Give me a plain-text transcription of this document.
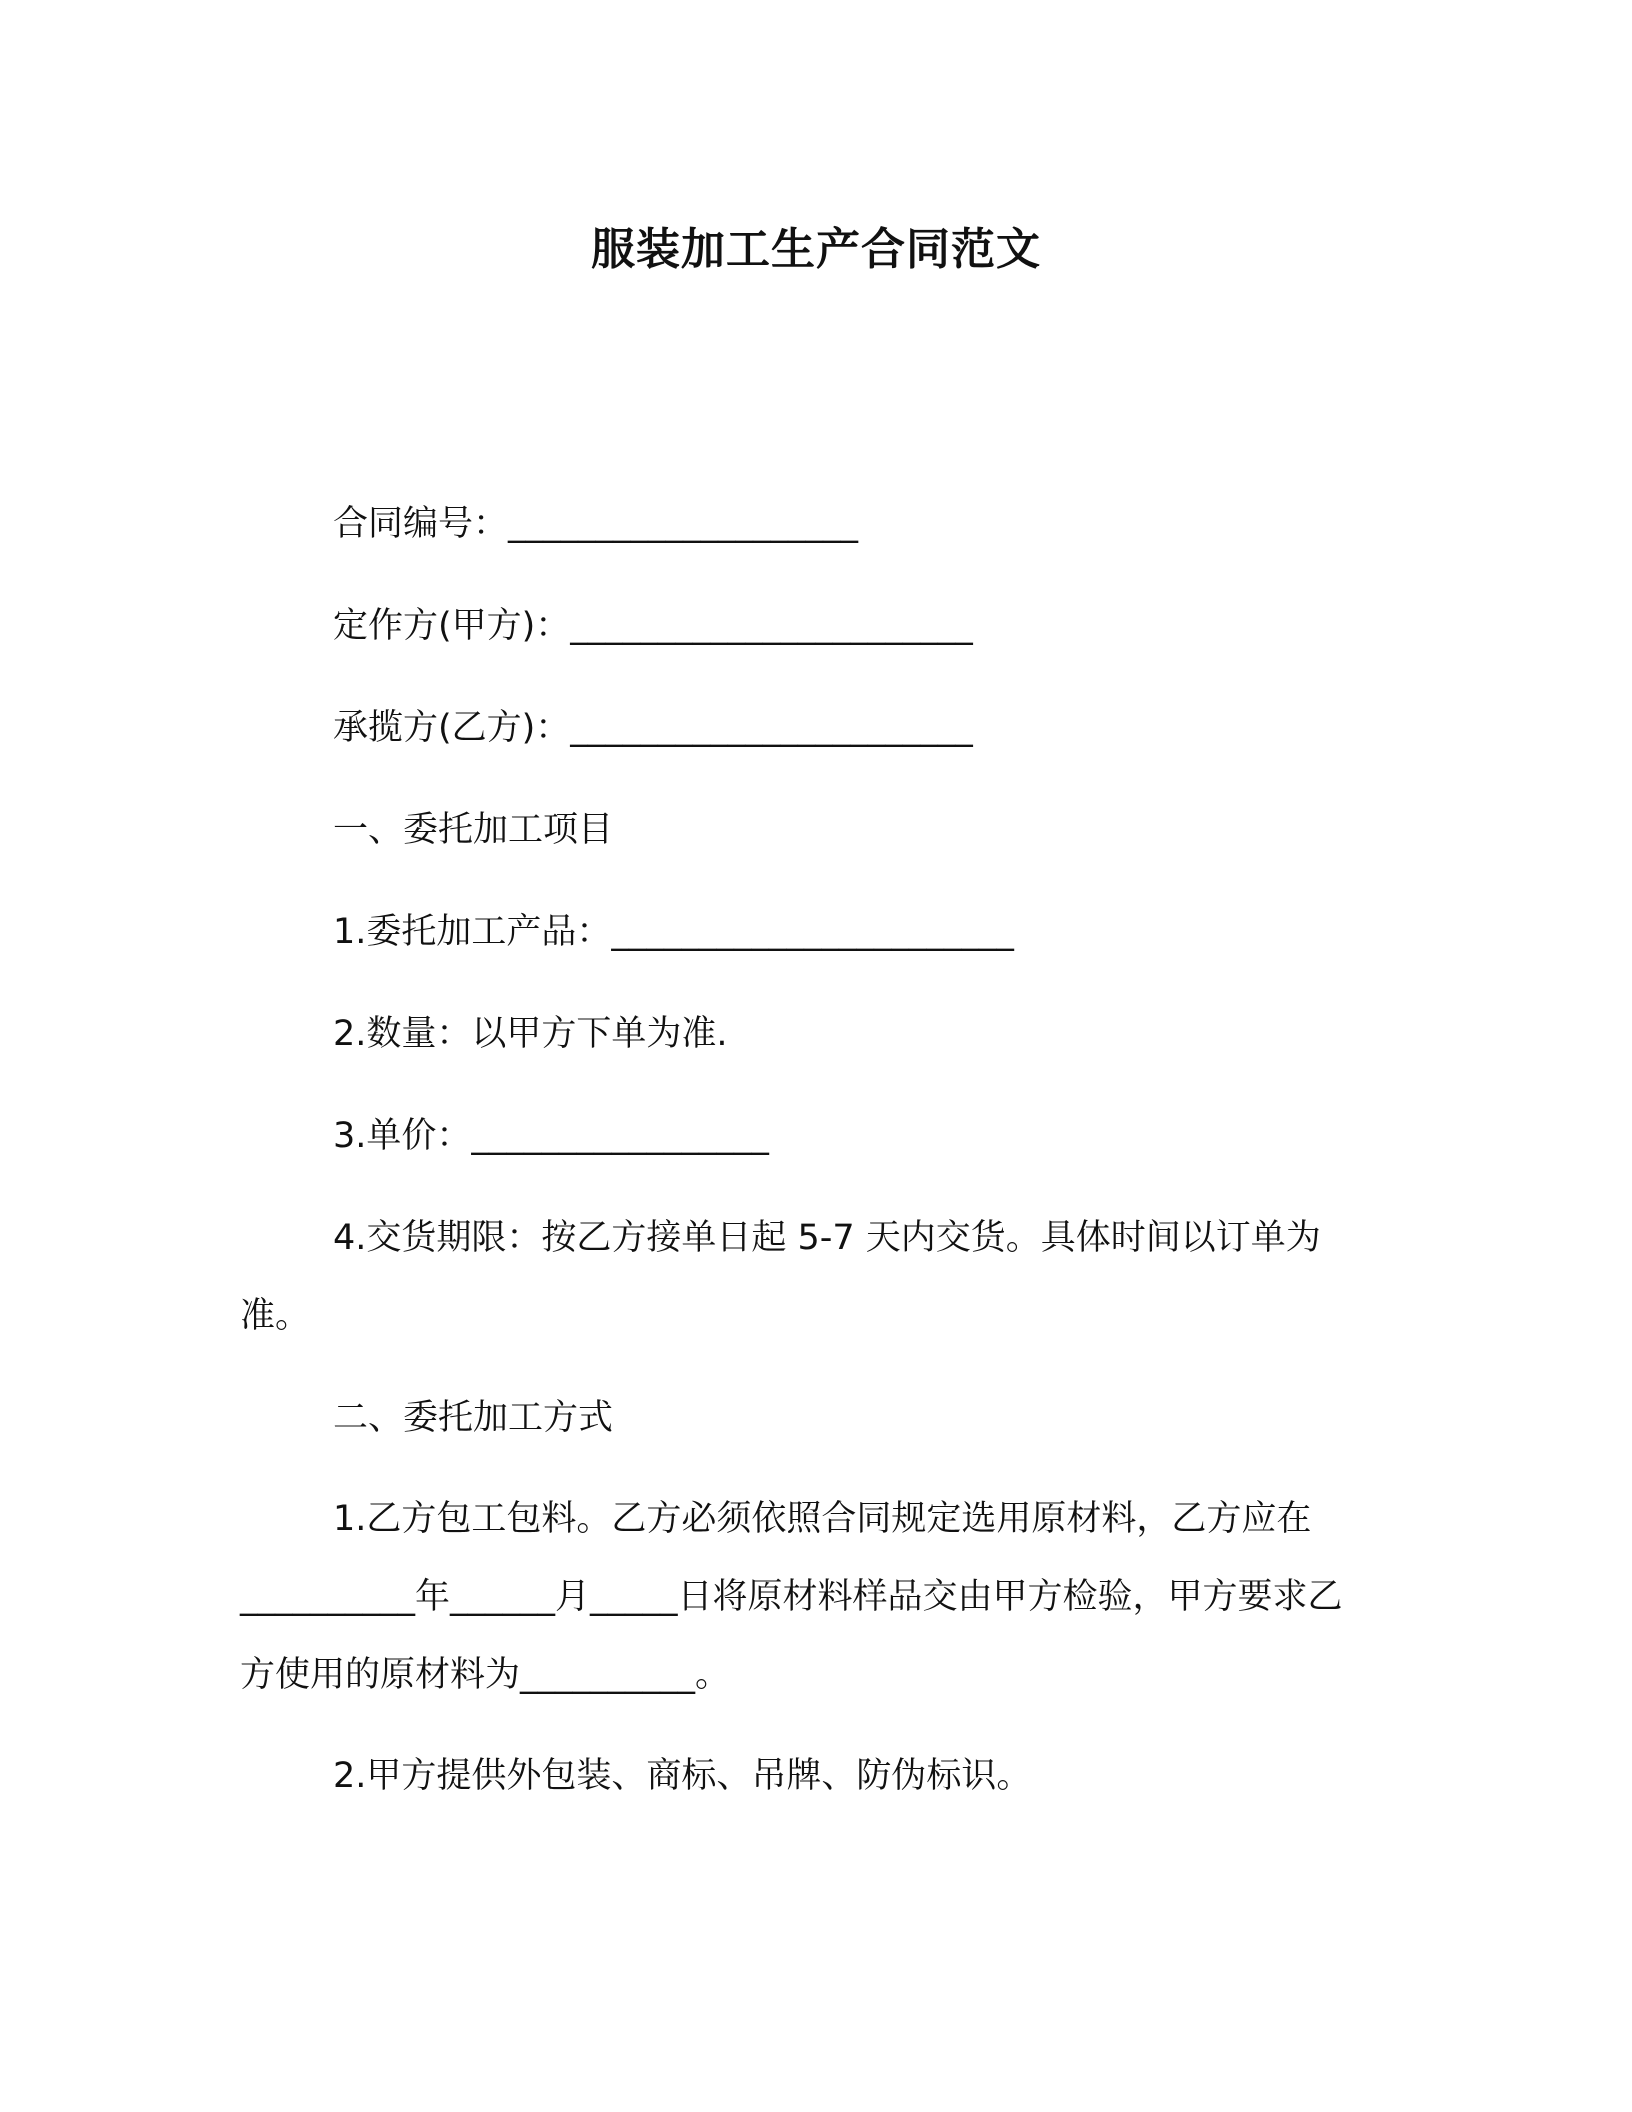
服装加工生产合同范文
合同编号：____________________
定作方(甲方)：_______________________
承揽方(乙方)：_______________________
一、委托加工项目
1.委托加工产品：_______________________
2.数量：以甲方下单为准.
3.单价：_________________
4.交货期限：按乙方接单日起 5-7 天内交货。具体时间以订单为准。
二、委托加工方式
1.乙方包工包料。乙方必须依照合同规定选用原材料，乙方应在__________年______月_____日将原材料样品交由甲方检验，甲方要求乙方使用的原材料为__________。
2.甲方提供外包装、商标、吊牌、防伪标识。
